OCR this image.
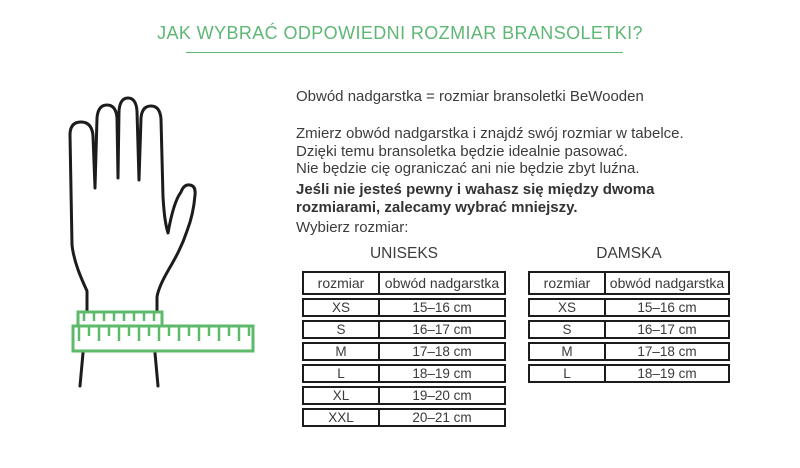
JAK WYBRAĆ ODPOWIEDNI ROZMIAR BRANSOLETKI?

Obwód nadgarstka = rozmiar bransoletki BeWooden

Zmierz obwód nadgarstka i znajdź swój rozmiar w tabelce.
Dzięki temu bransoletka będzie idealnie pasować.
Nie będzie cię ograniczać ani nie będzie zbyt luźna.

Jeśli nie jesteś pewny i wahasz się między dwoma rozmiarami, zalecamy wybrać mniejszy.

Wybierz rozmiar:

UNISEKS
rozmiar	obwód nadgarstka
XS	15–16 cm
S	16–17 cm
M	17–18 cm
L	18–19 cm
XL	19–20 cm
XXL	20–21 cm
DAMSKA
rozmiar	obwód nadgarstka
XS	15–16 cm
S	16–17 cm
M	17–18 cm
L	18–19 cm
